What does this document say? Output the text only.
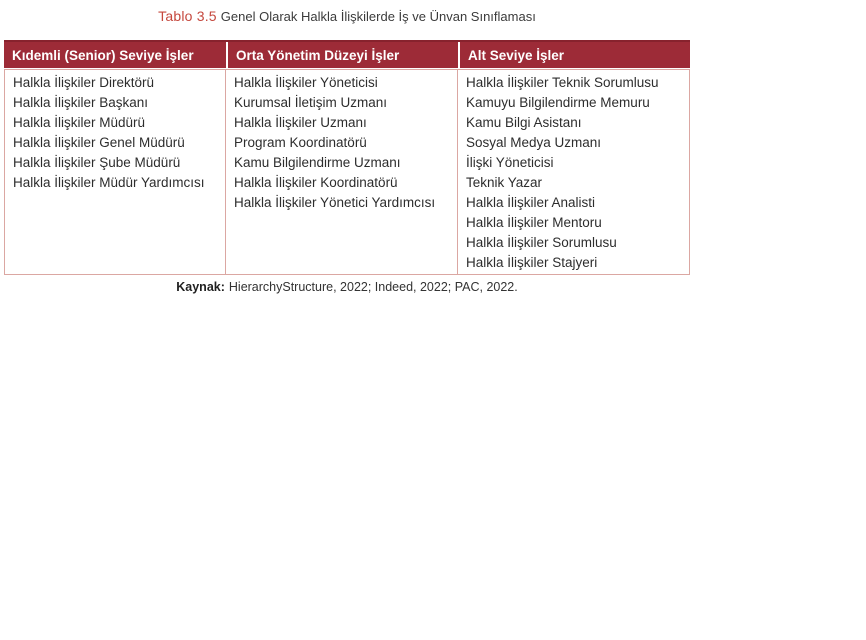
Tablo 3.5 Genel Olarak Halkla İlişkilerde İş ve Ünvan Sınıflaması
Kıdemli (Senior) Seviye İşler	Orta Yönetim Düzeyi İşler	Alt Seviye İşler
Halkla İlişkiler Direktörü
Halkla İlişkiler Başkanı
Halkla İlişkiler Müdürü
Halkla İlişkiler Genel Müdürü
Halkla İlişkiler Şube Müdürü
Halkla İlişkiler Müdür Yardımcısı
Halkla İlişkiler Yöneticisi
Kurumsal İletişim Uzmanı
Halkla İlişkiler Uzmanı
Program Koordinatörü
Kamu Bilgilendirme Uzmanı
Halkla İlişkiler Koordinatörü
Halkla İlişkiler Yönetici Yardımcısı
Halkla İlişkiler Teknik Sorumlusu
Kamuyu Bilgilendirme Memuru
Kamu Bilgi Asistanı
Sosyal Medya Uzmanı
İlişki Yöneticisi
Teknik Yazar
Halkla İlişkiler Analisti
Halkla İlişkiler Mentoru
Halkla İlişkiler Sorumlusu
Halkla İlişkiler Stajyeri
Kaynak: HierarchyStructure, 2022; Indeed, 2022; PAC, 2022.
